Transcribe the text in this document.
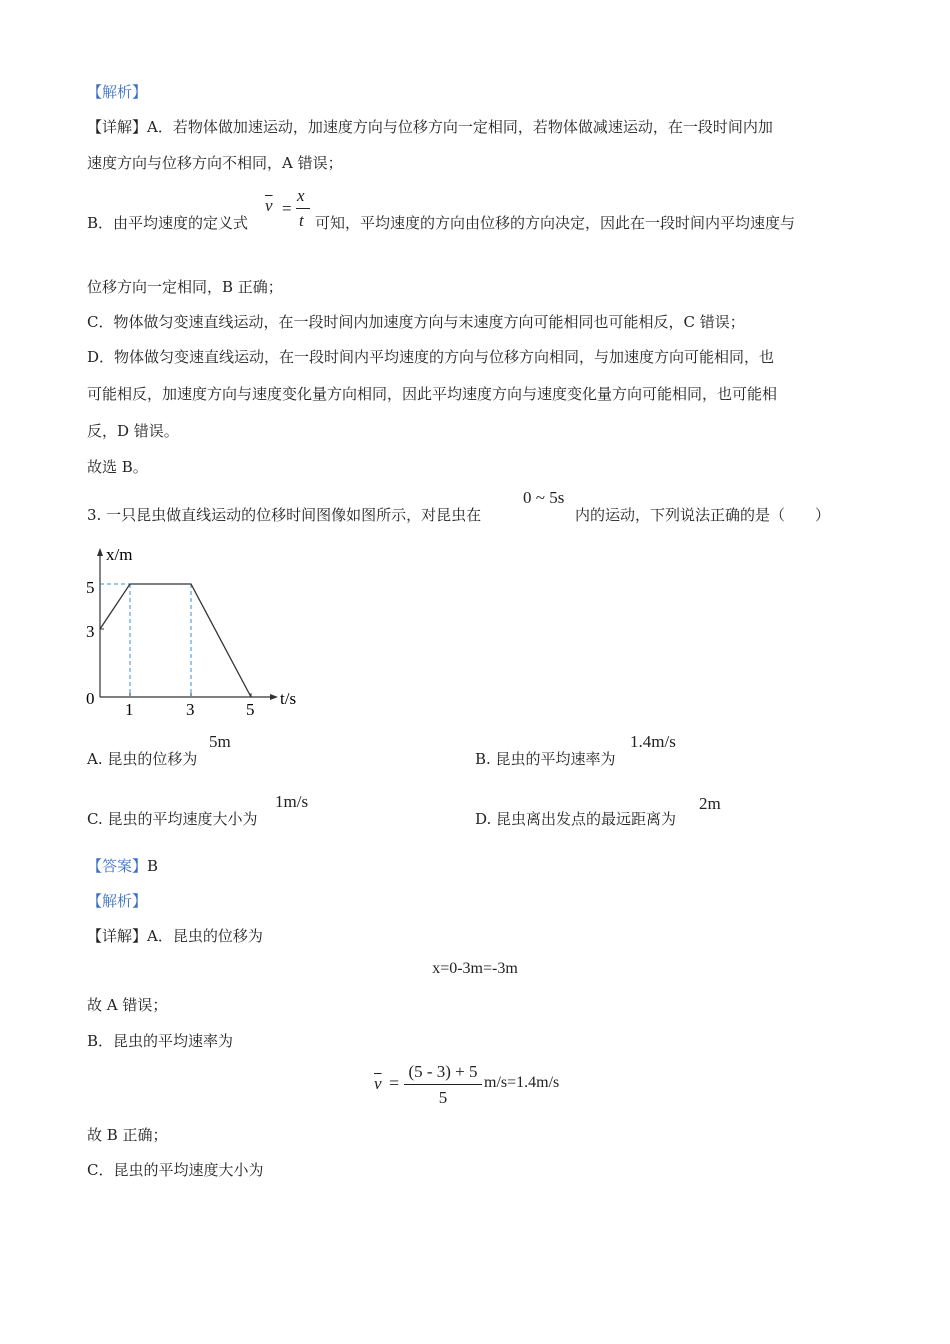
【解析】
【详解】A．若物体做加速运动，加速度方向与位移方向一定相同，若物体做减速运动，在一段时间内加
速度方向与位移方向不相同，A 错误；
B．由平均速度的定义式
$\overline{v}$ =
x
t 可知，平均速度的方向由位移的方向决定，因此在一段时间内平均速度与
位移方向一定相同，B 正确；
C．物体做匀变速直线运动，在一段时间内加速度方向与末速度方向可能相同也可能相反，C 错误；
D．物体做匀变速直线运动，在一段时间内平均速度的方向与位移方向相同，与加速度方向可能相同，也
可能相反，加速度方向与速度变化量方向相同，因此平均速度方向与速度变化量方向可能相同，也可能相
反，D 错误。
故选 B。
3. 一只昆虫做直线运动的位移时间图像如图所示，对昆虫在
0 ~ 5s
内的运动，下列说法正确的是（　　）
x/m
t/s
5
3
0
1	3	5
A. 昆虫的位移为
5m
B. 昆虫的平均速率为
1.4m/s
C. 昆虫的平均速度大小为
1m/s
D. 昆虫离出发点的最远距离为
2m
【答案】B
【解析】
【详解】A．昆虫的位移为
x=0-3m=-3m
故 A 错误；
B．昆虫的平均速率为
$\overline{v}$ =
(5 - 3) + 5
5
m/s=1.4m/s
故 B 正确；
C．昆虫的平均速度大小为
